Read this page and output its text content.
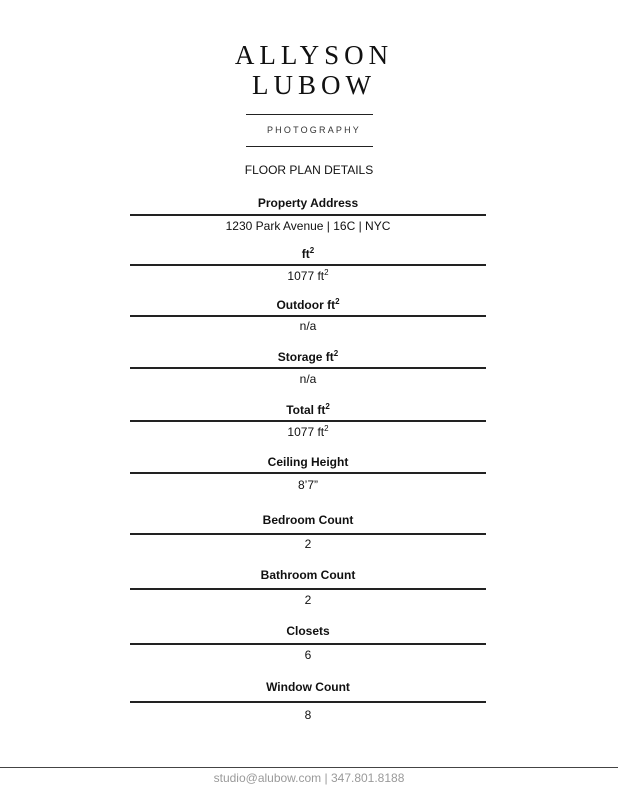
ALLYSON
LUBOW
PHOTOGRAPHY
FLOOR PLAN DETAILS
Property Address
1230 Park Avenue | 16C | NYC
$ft^2$
1077 $ft^2$
Outdoor $ft^2$
n/a
Storage $ft^2$
n/a
Total $ft^2$
1077 $ft^2$
Ceiling Height
8’7”
Bedroom Count
2
Bathroom Count
2
Closets
6
Window Count
8
studio@alubow.com | 347.801.8188
